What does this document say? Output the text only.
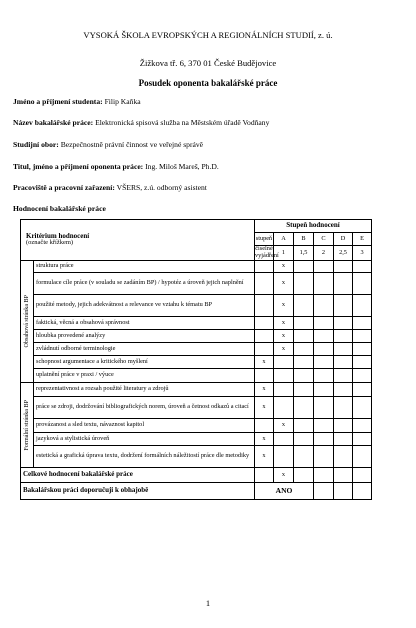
VYSOKÁ ŠKOLA EVROPSKÝCH A REGIONÁLNÍCH STUDIÍ, z. ú.
Žižkova tř. 6, 370 01 České Budějovice
Posudek oponenta bakalářské práce
Jméno a příjmení studenta: Filip Kaňka
Název bakalářské práce: Elektronická spisová služba na Městském úřadě Vodňany
Studijní obor: Bezpečnostně právní činnost ve veřejné správě
Titul, jméno a příjmení oponenta práce: Ing. Miloš Mareš, Ph.D.
Pracoviště a pracovní zařazení: VŠERS, z.ú. odborný asistent
Hodnocení bakalářské práce
Kritérium hodnocení
(označte křížkem)		Stupeň hodnocení						
		stupeň	A	B	C	D	E	
		číselné vyjádření	1	1,5	2	2,5	3	

Obsahová stránka BP	struktura práce		x					
	formulace cíle práce (v souladu se zadáním BP) / hypotéz a úroveň jejich naplnění		x					
	použité metody, jejich adekvátnost a relevance ve vztahu k tématu BP		x					
	faktická, věcná a obsahová správnost		x					
	hloubka provedené analýzy		x					
	zvládnutí odborné terminologie		x					
	schopnost argumentace a kritického myšlení	x						
	uplatnění práce v praxi / výuce							

Formální stránka BP	reprezentativnost a rozsah použité literatury a zdrojů	x						
	práce se zdroji, dodržování bibliografických norem, úroveň a četnost odkazů a citací	x						
	provázanost a sled textu, návaznost kapitol		x					
	jazyková a stylistická úroveň	x						
	estetická a grafická úprava textu, dodržení formálních náležitostí práce dle metodiky	x						
Celkové hodnocení bakalářské práce			x					
Bakalářskou práci doporučuji k obhajobě		ANO						
1
